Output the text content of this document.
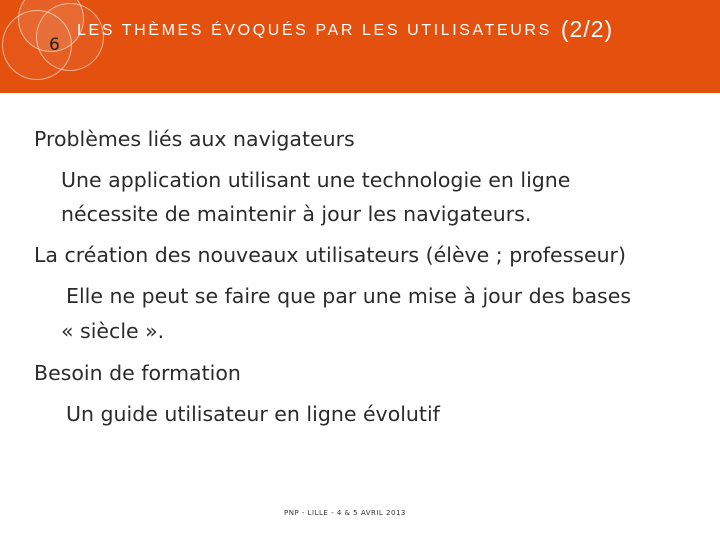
LES THÈMES ÉVOQUÉS PAR LES UTILISATEURS (2/2)
6
Problèmes liés aux navigateurs
Une application utilisant une technologie en ligne
nécessite de maintenir à jour les navigateurs.
La création des nouveaux utilisateurs (élève ; professeur)
Elle ne peut se faire que par une mise à jour des bases
« siècle ».
Besoin de formation
Un guide utilisateur en ligne évolutif
PNP - LILLE - 4 & 5 AVRIL 2013
